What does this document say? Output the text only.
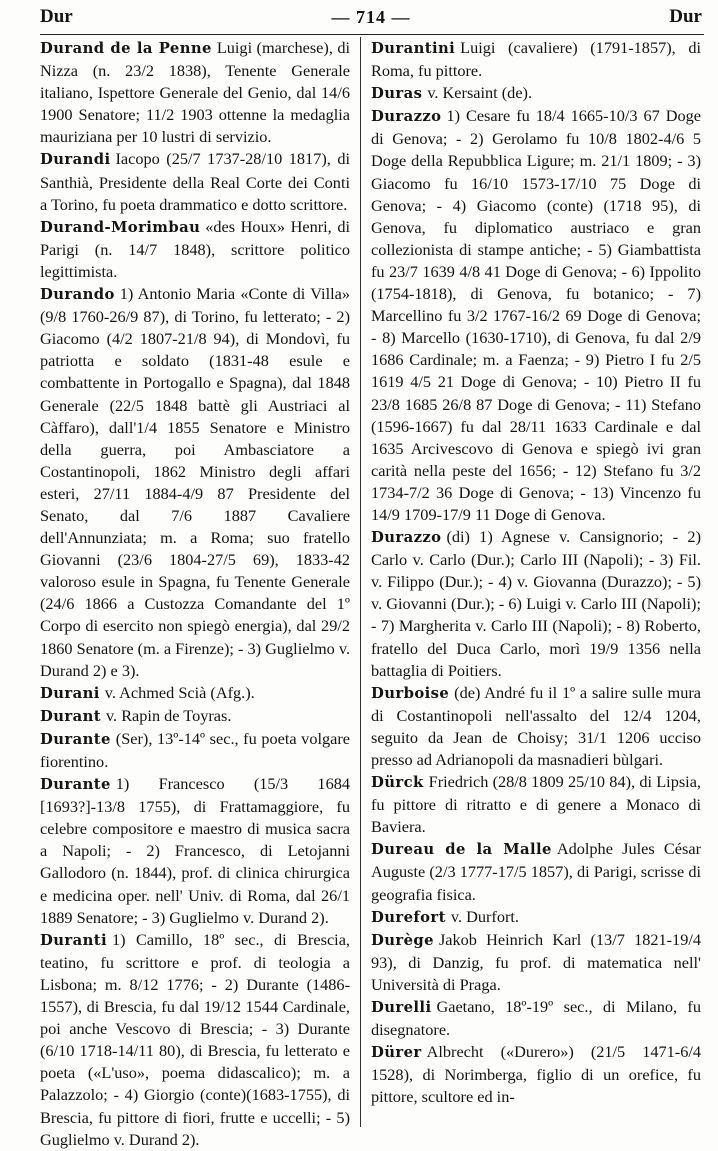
Dur	— 714 —	Dur

Durand de la Penne Luigi (marchese), di Nizza (n. 23/2 1838), Tenente Generale italiano, Ispettore Generale del Genio, dal 14/6 1900 Senatore; 11/2 1903 ottenne la medaglia mauriziana per 10 lustri di servizio.

Durandi Iacopo (25/7 1737-28/10 1817), di Santhià, Presidente della Real Corte dei Conti a Torino, fu poeta drammatico e dotto scrittore.

Durand-Morimbau «des Houx» Henri, di Parigi (n. 14/7 1848), scrittore politico legittimista.

Durando 1) Antonio Maria «Conte di Villa» (9/8 1760-26/9 87), di Torino, fu letterato; - 2) Giacomo (4/2 1807-21/8 94), di Mondovì, fu patriotta e soldato (1831-48 esule e combattente in Portogallo e Spagna), dal 1848 Generale (22/5 1848 battè gli Austriaci al Càffaro), dall'1/4 1855 Senatore e Ministro della guerra, poi Ambasciatore a Costantinopoli, 1862 Ministro degli affari esteri, 27/11 1884-4/9 87 Presidente del Senato, dal 7/6 1887 Cavaliere dell'Annunziata; m. a Roma; suo fratello Giovanni (23/6 1804-27/5 69), 1833-42 valoroso esule in Spagna, fu Tenente Generale (24/6 1866 a Custozza Comandante del 1º Corpo di esercito non spiegò energia), dal 29/2 1860 Senatore (m. a Firenze); - 3) Guglielmo v. Durand 2) e 3).

Durani v. Achmed Scià (Afg.).

Durant v. Rapin de Toyras.

Durante (Ser), 13º-14º sec., fu poeta volgare fiorentino.

Durante 1) Francesco (15/3 1684 [1693?]-13/8 1755), di Frattamaggiore, fu celebre compositore e maestro di musica sacra a Napoli; - 2) Francesco, di Letojanni Gallodoro (n. 1844), prof. di clinica chirurgica e medicina oper. nell' Univ. di Roma, dal 26/1 1889 Senatore; - 3) Guglielmo v. Durand 2).

Duranti 1) Camillo, 18º sec., di Brescia, teatino, fu scrittore e prof. di teologia a Lisbona; m. 8/12 1776; - 2) Durante (1486-1557), di Brescia, fu dal 19/12 1544 Cardinale, poi anche Vescovo di Brescia; - 3) Durante (6/10 1718-14/11 80), di Brescia, fu letterato e poeta («L'uso», poema didascalico); m. a Palazzolo; - 4) Giorgio (conte)(1683-1755), di Brescia, fu pittore di fiori, frutte e uccelli; - 5) Guglielmo v. Durand 2).

Durantini Luigi (cavaliere) (1791-1857), di Roma, fu pittore.

Duras v. Kersaint (de).

Durazzo 1) Cesare fu 18/4 1665-10/3 67 Doge di Genova; - 2) Gerolamo fu 10/8 1802-4/6 5 Doge della Repubblica Ligure; m. 21/1 1809; - 3) Giacomo fu 16/10 1573-17/10 75 Doge di Genova; - 4) Giacomo (conte) (1718 95), di Genova, fu diplomatico austriaco e gran collezionista di stampe antiche; - 5) Giambattista fu 23/7 1639 4/8 41 Doge di Genova; - 6) Ippolito (1754-1818), di Genova, fu botanico; - 7) Marcellino fu 3/2 1767-16/2 69 Doge di Genova; - 8) Marcello (1630-1710), di Genova, fu dal 2/9 1686 Cardinale; m. a Faenza; - 9) Pietro I fu 2/5 1619 4/5 21 Doge di Genova; - 10) Pietro II fu 23/8 1685 26/8 87 Doge di Genova; - 11) Stefano (1596-1667) fu dal 28/11 1633 Cardinale e dal 1635 Arcivescovo di Genova e spiegò ivi gran carità nella peste del 1656; - 12) Stefano fu 3/2 1734-7/2 36 Doge di Genova; - 13) Vincenzo fu 14/9 1709-17/9 11 Doge di Genova.

Durazzo (di) 1) Agnese v. Cansignorio; - 2) Carlo v. Carlo (Dur.); Carlo III (Napoli); - 3) Fil. v. Filippo (Dur.); - 4) v. Giovanna (Durazzo); - 5) v. Giovanni (Dur.); - 6) Luigi v. Carlo III (Napoli); - 7) Margherita v. Carlo III (Napoli); - 8) Roberto, fratello del Duca Carlo, morì 19/9 1356 nella battaglia di Poitiers.

Durboise (de) André fu il 1º a salire sulle mura di Costantinopoli nell'assalto del 12/4 1204, seguito da Jean de Choisy; 31/1 1206 ucciso presso ad Adrianopoli da masnadieri bùlgari.

Dürck Friedrich (28/8 1809 25/10 84), di Lipsia, fu pittore di ritratto e di genere a Monaco di Baviera.

Dureau de la Malle Adolphe Jules César Auguste (2/3 1777-17/5 1857), di Parigi, scrisse di geografia fisica.

Durefort v. Durfort.

Durège Jakob Heinrich Karl (13/7 1821-19/4 93), di Danzig, fu prof. di matematica nell' Università di Praga.

Durelli Gaetano, 18º-19º sec., di Milano, fu disegnatore.

Dürer Albrecht («Durero») (21/5 1471-6/4 1528), di Norimberga, figlio di un orefice, fu pittore, scultore ed in-
